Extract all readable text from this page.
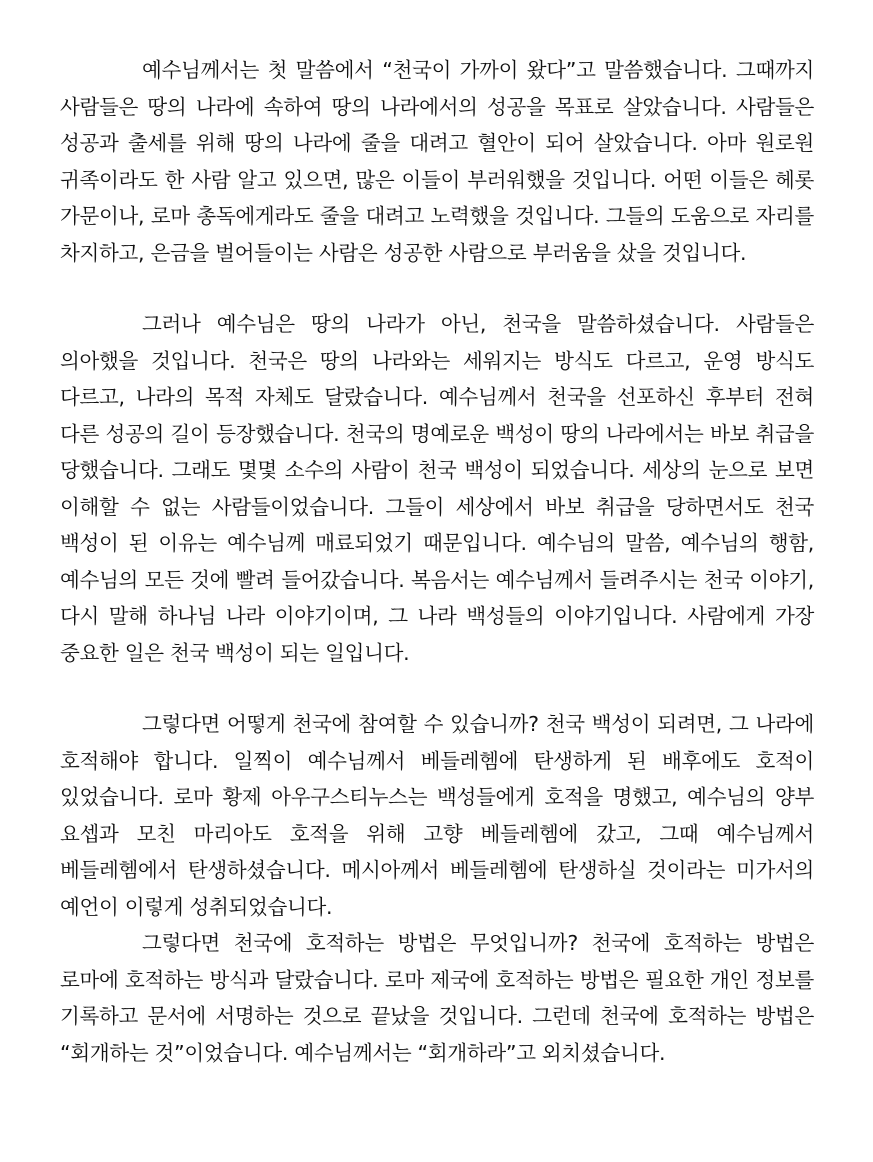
예수님께서는 첫 말씀에서 “천국이 가까이 왔다”고 말씀했습니다. 그때까지 사람들은 땅의 나라에 속하여 땅의 나라에서의 성공을 목표로 살았습니다. 사람들은 성공과 출세를 위해 땅의 나라에 줄을 대려고 혈안이 되어 살았습니다. 아마 원로원 귀족이라도 한 사람 알고 있으면, 많은 이들이 부러워했을 것입니다. 어떤 이들은 헤롯 가문이나, 로마 총독에게라도 줄을 대려고 노력했을 것입니다. 그들의 도움으로 자리를 차지하고, 은금을 벌어들이는 사람은 성공한 사람으로 부러움을 샀을 것입니다.

그러나 예수님은 땅의 나라가 아닌, 천국을 말씀하셨습니다. 사람들은 의아했을 것입니다. 천국은 땅의 나라와는 세워지는 방식도 다르고, 운영 방식도 다르고, 나라의 목적 자체도 달랐습니다. 예수님께서 천국을 선포하신 후부터 전혀 다른 성공의 길이 등장했습니다. 천국의 명예로운 백성이 땅의 나라에서는 바보 취급을 당했습니다. 그래도 몇몇 소수의 사람이 천국 백성이 되었습니다. 세상의 눈으로 보면 이해할 수 없는 사람들이었습니다. 그들이 세상에서 바보 취급을 당하면서도 천국 백성이 된 이유는 예수님께 매료되었기 때문입니다. 예수님의 말씀, 예수님의 행함, 예수님의 모든 것에 빨려 들어갔습니다. 복음서는 예수님께서 들려주시는 천국 이야기, 다시 말해 하나님 나라 이야기이며, 그 나라 백성들의 이야기입니다. 사람에게 가장 중요한 일은 천국 백성이 되는 일입니다.

그렇다면 어떻게 천국에 참여할 수 있습니까? 천국 백성이 되려면, 그 나라에 호적해야 합니다. 일찍이 예수님께서 베들레헴에 탄생하게 된 배후에도 호적이 있었습니다. 로마 황제 아우구스티누스는 백성들에게 호적을 명했고, 예수님의 양부 요셉과 모친 마리아도 호적을 위해 고향 베들레헴에 갔고, 그때 예수님께서 베들레헴에서 탄생하셨습니다. 메시아께서 베들레헴에 탄생하실 것이라는 미가서의 예언이 이렇게 성취되었습니다.

그렇다면 천국에 호적하는 방법은 무엇입니까? 천국에 호적하는 방법은 로마에 호적하는 방식과 달랐습니다. 로마 제국에 호적하는 방법은 필요한 개인 정보를 기록하고 문서에 서명하는 것으로 끝났을 것입니다. 그런데 천국에 호적하는 방법은 “회개하는 것”이었습니다. 예수님께서는 “회개하라”고 외치셨습니다.
